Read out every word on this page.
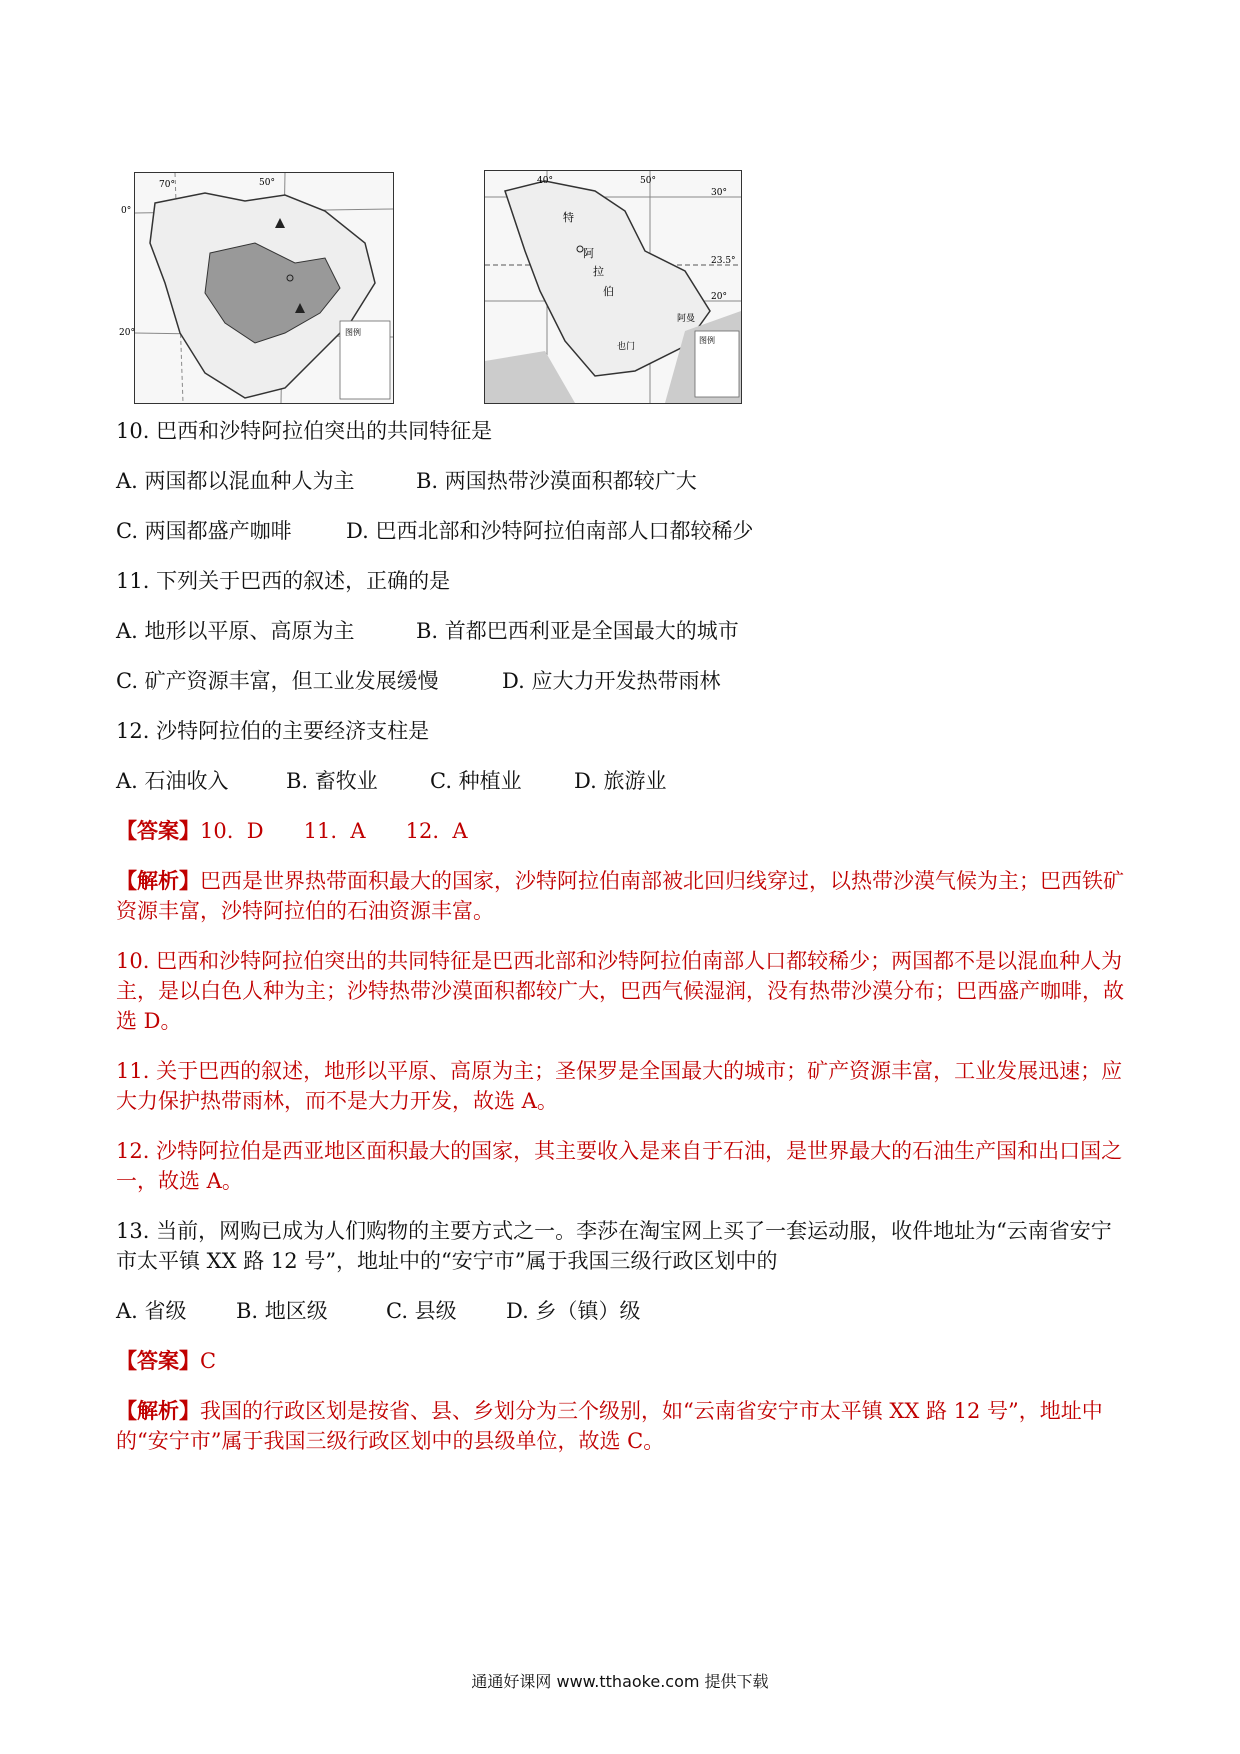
图例
70°	50°
0°
20°
特
阿
拉
伯
也门
阿曼
图例
40°	50°
30°
23.5°
20°
10. 巴西和沙特阿拉伯突出的共同特征是
A. 两国都以混血种人为主	B. 两国热带沙漠面积都较广大
C. 两国都盛产咖啡	D. 巴西北部和沙特阿拉伯南部人口都较稀少
11. 下列关于巴西的叙述，正确的是
A. 地形以平原、高原为主	B. 首都巴西利亚是全国最大的城市
C. 矿产资源丰富，但工业发展缓慢	D. 应大力开发热带雨林
12. 沙特阿拉伯的主要经济支柱是
A. 石油收入	B. 畜牧业 C. 种植业 D. 旅游业
【答案】10.  D      11.  A      12.  A
【解析】巴西是世界热带面积最大的国家，沙特阿拉伯南部被北回归线穿过，以热带沙漠气候为主；巴西铁矿资源丰富，沙特阿拉伯的石油资源丰富。
10. 巴西和沙特阿拉伯突出的共同特征是巴西北部和沙特阿拉伯南部人口都较稀少；两国都不是以混血种人为主，是以白色人种为主；沙特热带沙漠面积都较广大，巴西气候湿润，没有热带沙漠分布；巴西盛产咖啡，故选 D。
11. 关于巴西的叙述，地形以平原、高原为主；圣保罗是全国最大的城市；矿产资源丰富，工业发展迅速；应大力保护热带雨林，而不是大力开发，故选 A。
12. 沙特阿拉伯是西亚地区面积最大的国家，其主要收入是来自于石油，是世界最大的石油生产国和出口国之一，故选 A。
13. 当前，网购已成为人们购物的主要方式之一。李莎在淘宝网上买了一套运动服，收件地址为“云南省安宁市太平镇 XX 路 12 号”，地址中的“安宁市”属于我国三级行政区划中的
A. 省级 B. 地区级	C. 县级 D. 乡（镇）级
【答案】C
【解析】我国的行政区划是按省、县、乡划分为三个级别，如“云南省安宁市太平镇 XX 路 12 号”，地址中的“安宁市”属于我国三级行政区划中的县级单位，故选 C。
通通好课网 www.tthaoke.com 提供下载
